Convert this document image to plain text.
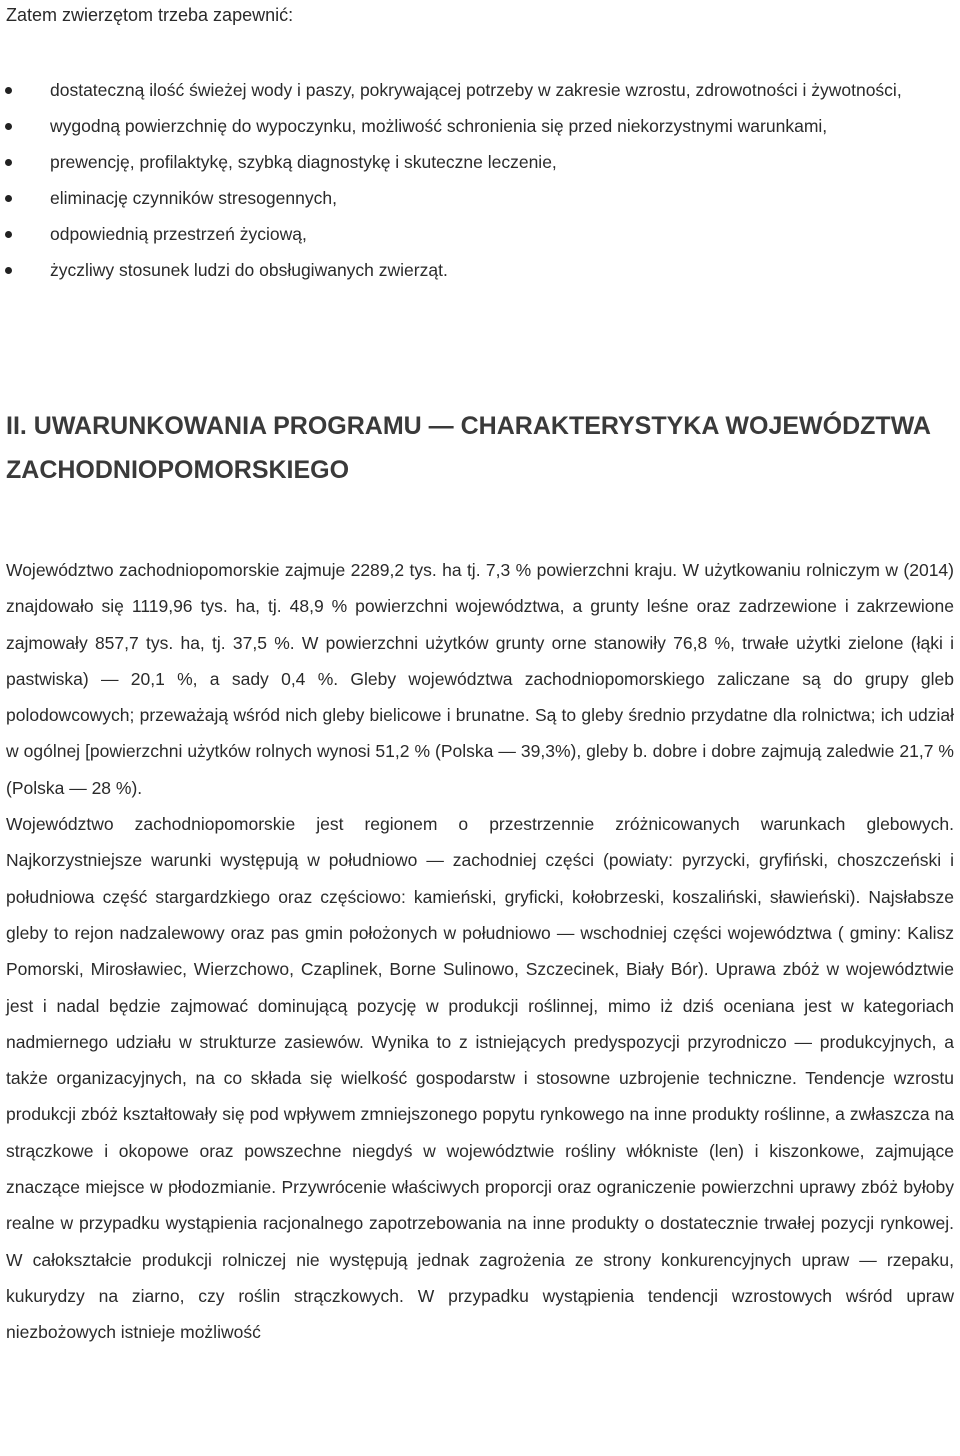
Zatem zwierzętom trzeba zapewnić:
dostateczną ilość świeżej wody i paszy, pokrywającej potrzeby w zakresie wzrostu, zdrowotności i żywotności,
wygodną powierzchnię do wypoczynku, możliwość schronienia się przed niekorzystnymi warunkami,
prewencję, profilaktykę, szybką diagnostykę i skuteczne leczenie,
eliminację czynników stresogennych,
odpowiednią przestrzeń życiową,
życzliwy stosunek ludzi do obsługiwanych zwierząt.
II. UWARUNKOWANIA PROGRAMU — CHARAKTERYSTYKA WOJEWÓDZTWA ZACHODNIOPOMORSKIEGO
Województwo zachodniopomorskie zajmuje 2289,2 tys. ha tj. 7,3 % powierzchni kraju. W użytkowaniu rolniczym w (2014) znajdowało się 1119,96 tys. ha, tj. 48,9 % powierzchni województwa, a grunty leśne oraz zadrzewione i zakrzewione zajmowały 857,7 tys. ha, tj. 37,5 %. W powierzchni użytków grunty orne stanowiły 76,8 %, trwałe użytki zielone (łąki i pastwiska) — 20,1 %, a sady 0,4 %. Gleby województwa zachodniopomorskiego zaliczane są do grupy gleb polodowcowych; przeważają wśród nich gleby bielicowe i brunatne. Są to gleby średnio przydatne dla rolnictwa; ich udział w ogólnej [powierzchni użytków rolnych wynosi 51,2 % (Polska — 39,3%), gleby b. dobre i dobre zajmują zaledwie 21,7 % (Polska — 28 %).
Województwo zachodniopomorskie jest regionem o przestrzennie zróżnicowanych warunkach glebowych. Najkorzystniejsze warunki występują w południowo — zachodniej części (powiaty: pyrzycki, gryfiński, choszczeński i południowa część stargardzkiego oraz częściowo: kamieński, gryficki, kołobrzeski, koszaliński, sławieński). Najsłabsze gleby to rejon nadzalewowy oraz pas gmin położonych w południowo — wschodniej części województwa ( gminy: Kalisz Pomorski, Mirosławiec, Wierzchowo, Czaplinek, Borne Sulinowo, Szczecinek, Biały Bór). Uprawa zbóż w województwie jest i nadal będzie zajmować dominującą pozycję w produkcji roślinnej, mimo iż dziś oceniana jest w kategoriach nadmiernego udziału w strukturze zasiewów. Wynika to z istniejących predyspozycji przyrodniczo — produkcyjnych, a także organizacyjnych, na co składa się wielkość gospodarstw i stosowne uzbrojenie techniczne. Tendencje wzrostu produkcji zbóż kształtowały się pod wpływem zmniejszonego popytu rynkowego na inne produkty roślinne, a zwłaszcza na strączkowe i okopowe oraz powszechne niegdyś w województwie rośliny włókniste (len) i kiszonkowe, zajmujące znaczące miejsce w płodozmianie. Przywrócenie właściwych proporcji oraz ograniczenie powierzchni uprawy zbóż byłoby realne w przypadku wystąpienia racjonalnego zapotrzebowania na inne produkty o dostatecznie trwałej pozycji rynkowej. W całokształcie produkcji rolniczej nie występują jednak zagrożenia ze strony konkurencyjnych upraw — rzepaku, kukurydzy na ziarno, czy roślin strączkowych. W przypadku wystąpienia tendencji wzrostowych wśród upraw niezbożowych istnieje możliwość
